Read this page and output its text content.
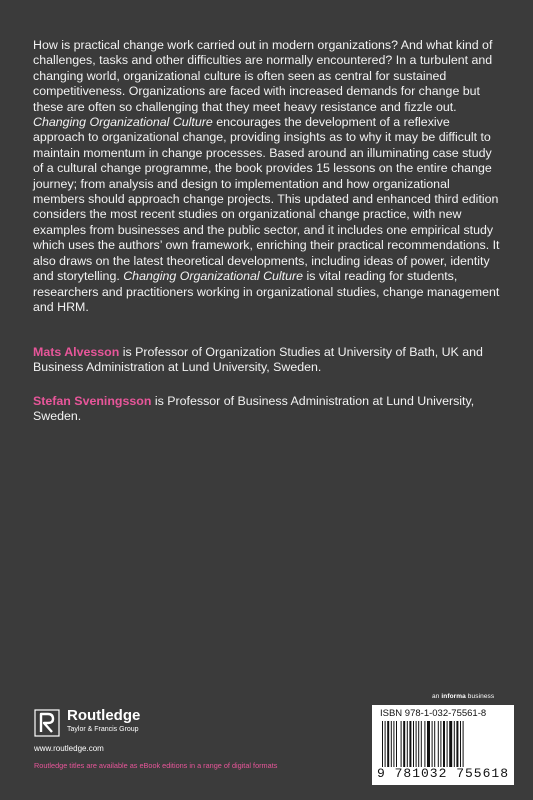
How is practical change work carried out in modern organizations? And what kind of challenges, tasks and other difficulties are normally encountered? In a turbulent and changing world, organizational culture is often seen as central for sustained competitiveness. Organizations are faced with increased demands for change but these are often so challenging that they meet heavy resistance and fizzle out. Changing Organizational Culture encourages the development of a reflexive approach to organizational change, providing insights as to why it may be difficult to maintain momentum in change processes. Based around an illuminating case study of a cultural change programme, the book provides 15 lessons on the entire change journey; from analysis and design to implementation and how organizational members should approach change projects. This updated and enhanced third edition considers the most recent studies on organizational change practice, with new examples from businesses and the public sector, and it includes one empirical study which uses the authors’ own framework, enriching their practical recommendations. It also draws on the latest theoretical developments, including ideas of power, identity and storytelling. Changing Organizational Culture is vital reading for students, researchers and practitioners working in organizational studies, change management and HRM.

Mats Alvesson is Professor of Organization Studies at University of Bath, UK and Business Administration at Lund University, Sweden.

Stefan Sveningsson is Professor of Business Administration at Lund University, Sweden.

an informa business
ISBN 978-1-032-75561-8
9 781032 755618
Routledge
Taylor & Francis Group
www.routledge.com
Routledge titles are available as eBook editions in a range of digital formats
